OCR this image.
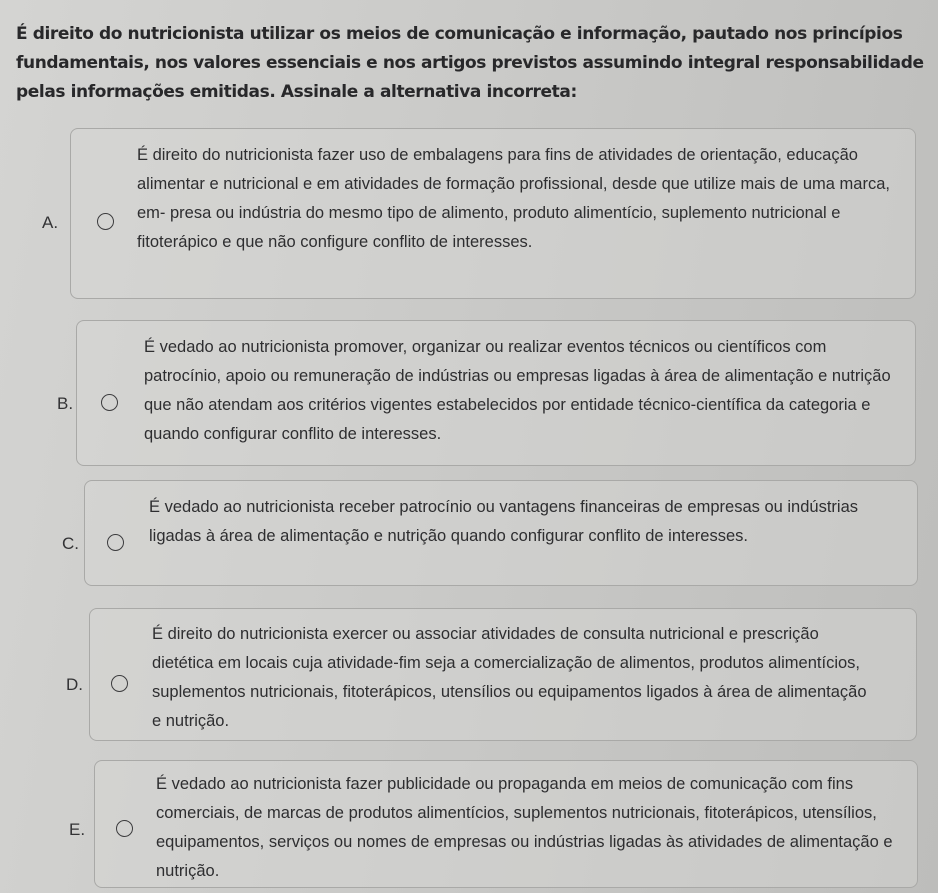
É direito do nutricionista utilizar os meios de comunicação e informação, pautado nos princípios fundamentais, nos valores essenciais e nos artigos previstos assumindo integral responsabilidade pelas informações emitidas. Assinale a alternativa incorreta:
A.
É direito do nutricionista fazer uso de embalagens para fins de atividades de orientação, educação alimentar e nutricional e em atividades de formação profissional, desde que utilize mais de uma marca, em- presa ou indústria do mesmo tipo de alimento, produto alimentício, suplemento nutricional e fitoterápico e que não configure conflito de interesses.
B.
É vedado ao nutricionista promover, organizar ou realizar eventos técnicos ou científicos com patrocínio, apoio ou remuneração de indústrias ou empresas ligadas à área de alimentação e nutrição que não atendam aos critérios vigentes estabelecidos por entidade técnico-científica da categoria e quando configurar conflito de interesses.
C.
É vedado ao nutricionista receber patrocínio ou vantagens financeiras de empresas ou indústrias ligadas à área de alimentação e nutrição quando configurar conflito de interesses.
D.
É direito do nutricionista exercer ou associar atividades de consulta nutricional e prescrição dietética em locais cuja atividade-fim seja a comercialização de alimentos, produtos alimentícios, suplementos nutricionais, fitoterápicos, utensílios ou equipamentos ligados à área de alimentação e nutrição.
E.
É vedado ao nutricionista fazer publicidade ou propaganda em meios de comunicação com fins comerciais, de marcas de produtos alimentícios, suplementos nutricionais, fitoterápicos, utensílios, equipamentos, serviços ou nomes de empresas ou indústrias ligadas às atividades de alimentação e nutrição.
